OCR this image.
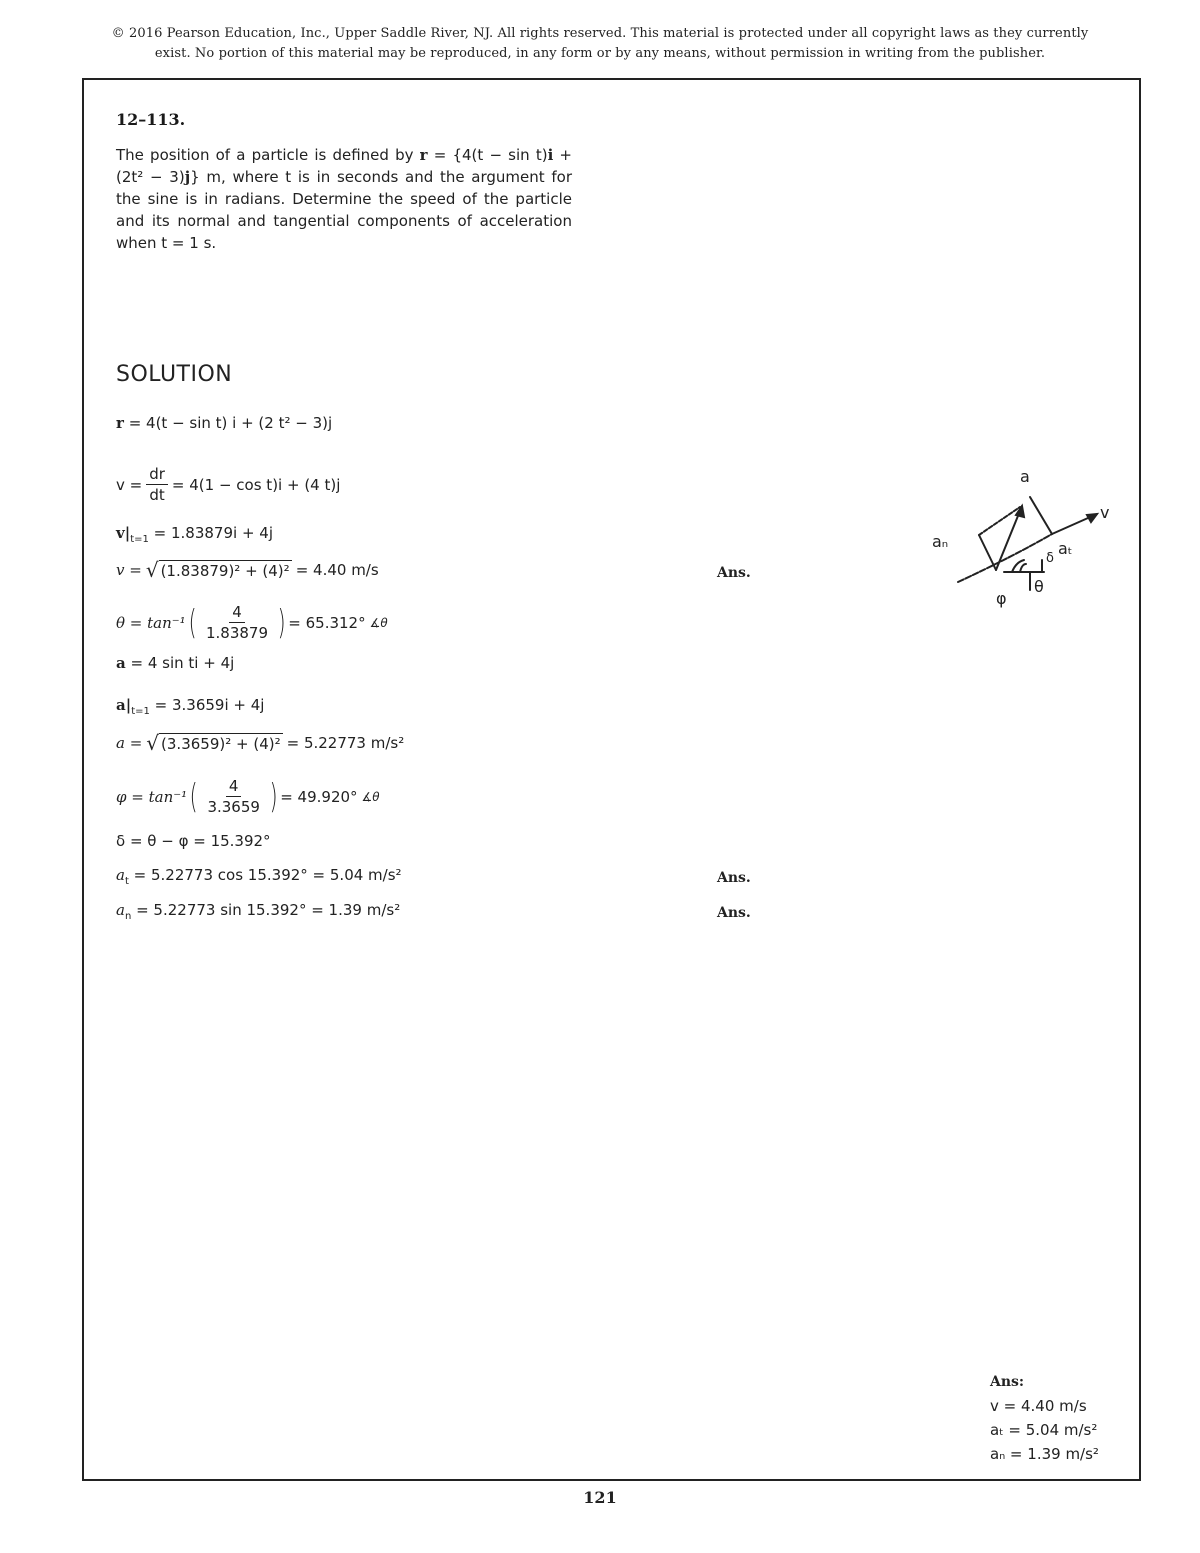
© 2016 Pearson Education, Inc., Upper Saddle River, NJ. All rights reserved. This material is protected under all copyright laws as they currently
exist. No portion of this material may be reproduced, in any form or by any means, without permission in writing from the publisher.
12–113.
The position of a particle is defined by r = {4(t − sin t)i + (2t² − 3)j} m, where t is in seconds and the argument for the sine is in radians. Determine the speed of the particle and its normal and tangential components of acceleration when t = 1 s.
SOLUTION
r
= 4(t − sin t) i + (2 t² − 3)j
$v = \frac{dr}{dt} = 4(1 - \cos t)i + (4$ t)j
v| t=1
= 1.83879i + 4j
v = √ (1.83879)² + (4)² = 4.40 m/s	Ans.
θ = tan⁻¹ ( $\frac{4}{1.83879}$ ) = 65.312° ∡θ
a
= 4 sin ti + 4j
a| t=1
= 3.3659i + 4j
a = √ (3.3659)² + (4)² = 5.22773 m/s²
φ = tan⁻¹ ( $\frac{4}{3.3659}$ ) = 49.920° ∡θ
δ = θ − φ = 15.392°
a t
= 5.22773 cos 15.392° = 5.04 m/s²	Ans.
a n
= 5.22773 sin 15.392° = 1.39 m/s²	Ans.
a
aₙ	aₜ
v
θ
φ
δ
Ans:
v = 4.40 m/s
aₜ = 5.04 m/s²
aₙ = 1.39 m/s²
121
